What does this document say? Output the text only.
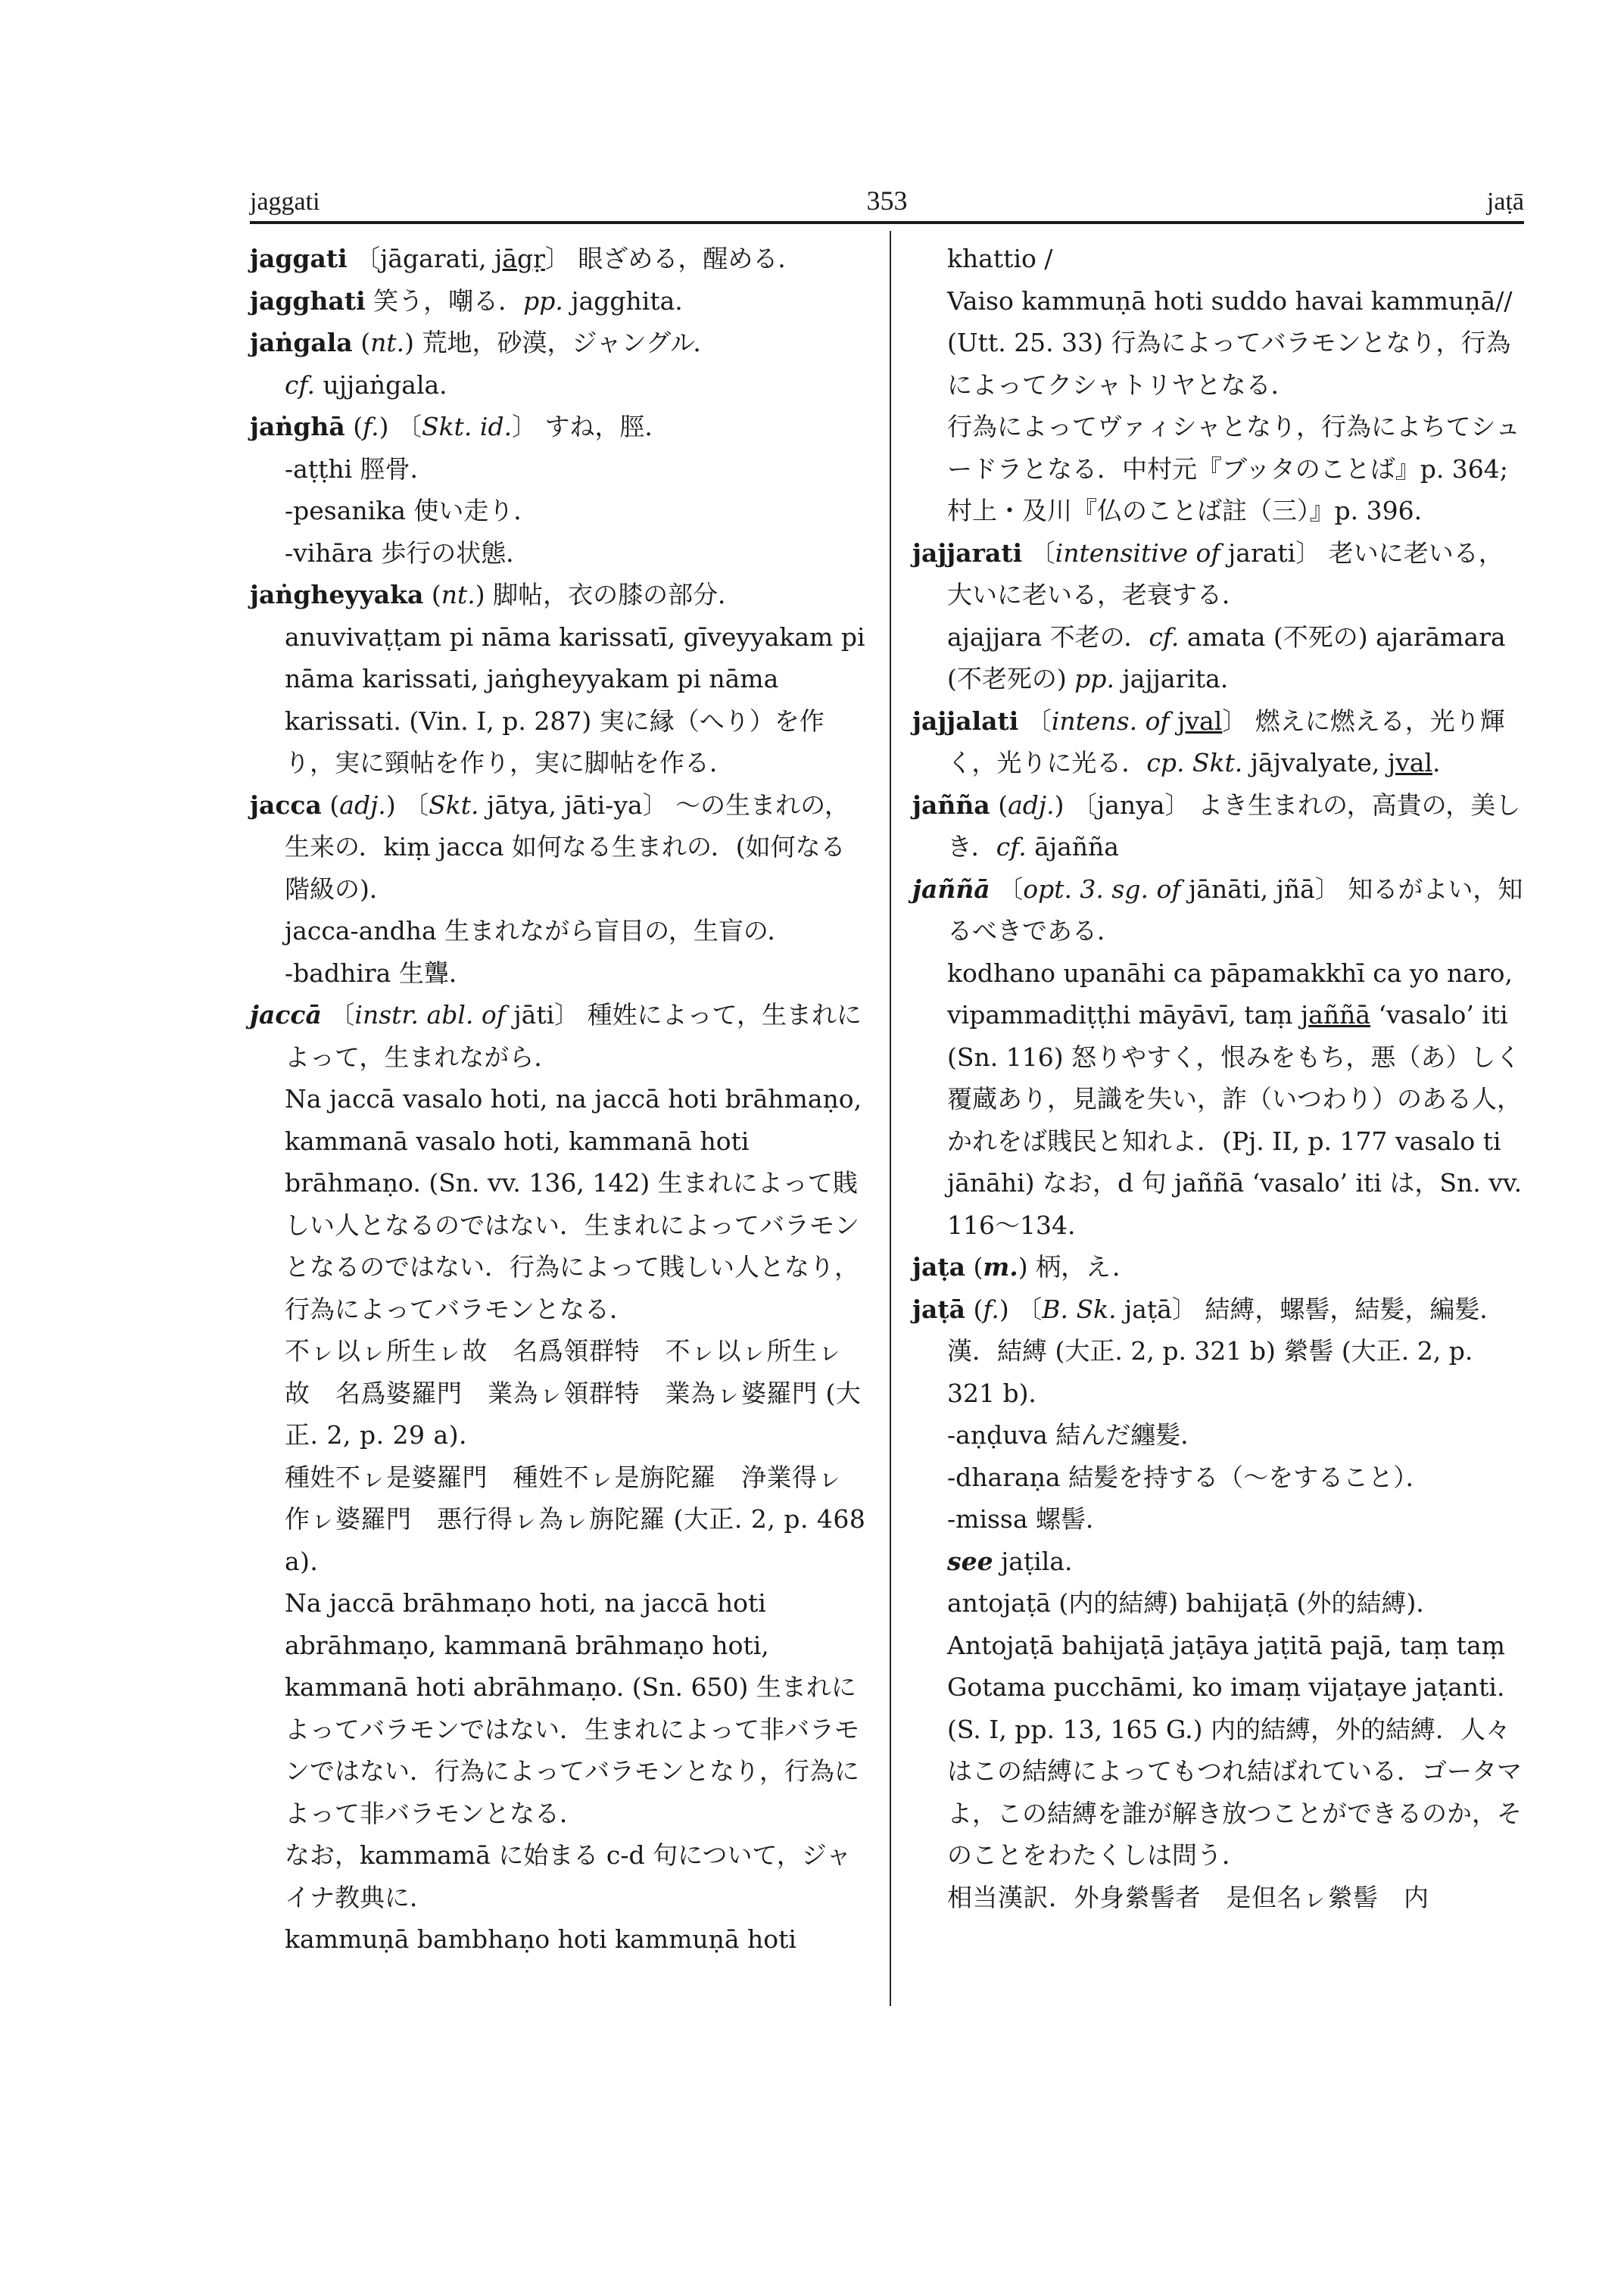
jaggati	353	jaṭā

jaggati 〔jāgarati, jāgṛ〕 眼ざめる，醒める．

jagghati 笑う，嘲る．pp. jagghita.

jaṅgala (nt.) 荒地，砂漠，ジャングル．

cf. ujjaṅgala.

jaṅghā (f.) 〔Skt. id.〕 すね，脛．

-aṭṭhi 脛骨．

-pesanika 使い走り．

-vihāra 歩行の状態．

jaṅgheyyaka (nt.) 脚帖，衣の膝の部分．

anuvivaṭṭam pi nāma karissatī, gīveyyakam pi nāma karissati, jaṅgheyyakam pi nāma karissati. (Vin. I, p. 287) 実に縁（へり）を作り，実に頸帖を作り，実に脚帖を作る．

jacca (adj.) 〔Skt. jātya, jāti-ya〕 ～の生まれの，生来の．kiṃ jacca 如何なる生まれの．(如何なる階級の)．

jacca-andha 生まれながら盲目の，生盲の．

-badhira 生聾．

jaccā 〔instr. abl. of jāti〕 種姓によって，生まれによって，生まれながら．

Na jaccā vasalo hoti, na jaccā hoti brāhmaṇo, kammanā vasalo hoti, kammanā hoti brāhmaṇo. (Sn. vv. 136, 142) 生まれによって賎しい人となるのではない．生まれによってバラモンとなるのではない．行為によって賎しい人となり，行為によってバラモンとなる．

不ㇾ以ㇾ所生ㇾ故　名爲領群特　不ㇾ以ㇾ所生ㇾ故　名爲婆羅門　業為ㇾ領群特　業為ㇾ婆羅門 (大正. 2, p. 29 a)．

種姓不ㇾ是婆羅門　種姓不ㇾ是旃陀羅　浄業得ㇾ作ㇾ婆羅門　悪行得ㇾ為ㇾ旃陀羅 (大正. 2, p. 468 a)．

Na jaccā brāhmaṇo hoti, na jaccā hoti abrāhmaṇo, kammanā brāhmaṇo hoti, kammanā hoti abrāhmaṇo. (Sn. 650) 生まれによってバラモンではない．生まれによって非バラモンではない．行為によってバラモンとなり，行為によって非バラモンとなる．

なお，kammamā に始まる c-d 句について，ジャイナ教典に．

kammuṇā bambhaṇo hoti kammuṇā hoti

khattio /

Vaiso kammuṇā hoti suddo havai kammuṇā// (Utt. 25. 33) 行為によってバラモンとなり，行為によってクシャトリヤとなる．

行為によってヴァィシャとなり，行為によちてシュードラとなる．中村元『ブッタのことば』p. 364; 村上・及川『仏のことば註（三）』p. 396.

jajjarati 〔intensitive of jarati〕 老いに老いる，大いに老いる，老衰する．

ajajjara 不老の．cf. amata (不死の) ajarāmara (不老死の) pp. jajjarita.

jajjalati 〔intens. of jval〕 燃えに燃える，光り輝く，光りに光る．cp. Skt. jājvalyate, jval.

jañña (adj.) 〔janya〕 よき生まれの，高貴の，美しき．cf. ājañña

jaññā 〔opt. 3. sg. of jānāti, jñā〕 知るがよい，知るべきである．

kodhano upanāhi ca pāpamakkhī ca yo naro, vipammadiṭṭhi māyāvī, taṃ jaññā ‘vasalo’ iti (Sn. 116) 怒りやすく，恨みをもち，悪（あ）しく覆蔵あり，見識を失い，詐（いつわり）のある人，かれをば賎民と知れよ．(Pj. II, p. 177 vasalo ti jānāhi) なお，d 句 jaññā ‘vasalo’ iti は，Sn. vv. 116～134.

jaṭa (m.) 柄，え．

jaṭā (f.) 〔B. Sk. jaṭā〕 結縛，螺髻，結髪，編髪．漢．結縛 (大正. 2, p. 321 b) 縈髻 (大正. 2, p. 321 b)．

-aṇḍuva 結んだ纏髪．

-dharaṇa 結髪を持する（～をすること）．

-missa 螺髻．

see jaṭila.

antojaṭā (内的結縛) bahijaṭā (外的結縛)．

Antojaṭā bahijaṭā jaṭāya jaṭitā pajā, taṃ taṃ Gotama pucchāmi, ko imaṃ vijaṭaye jaṭanti. (S. I, pp. 13, 165 G.) 内的結縛，外的結縛．人々はこの結縛によってもつれ結ばれている．ゴータマよ，この結縛を誰が解き放つことができるのか，そのことをわたくしは問う．

相当漢訳．外身縈髻者　是但名ㇾ縈髻　内
